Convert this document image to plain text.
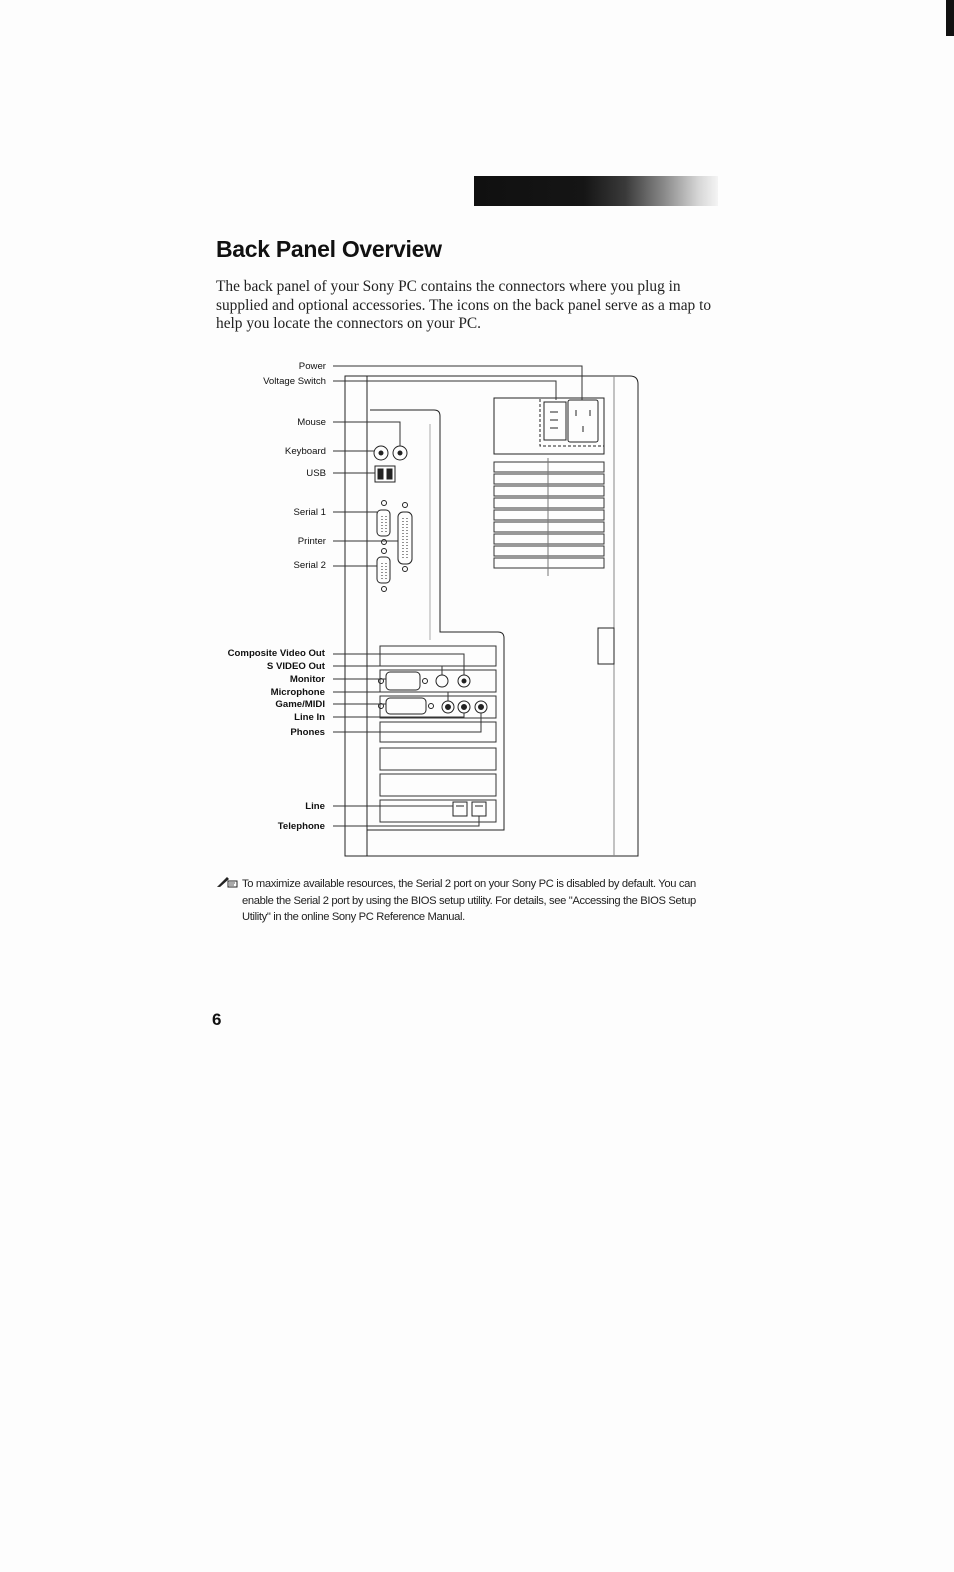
Back Panel Overview

The back panel of your Sony PC contains the connectors where you plug in supplied and optional accessories. The icons on the back panel serve as a map to help you locate the connectors on your PC.

Power
Voltage Switch
Mouse
Keyboard
USB
Serial 1
Printer
Serial 2
Composite Video Out
S VIDEO Out
Monitor
Microphone
Game/MIDI
Line In
Phones
Line
Telephone

To maximize available resources, the Serial 2 port on your Sony PC is disabled by default. You can enable the Serial 2 port by using the BIOS setup utility. For details, see "Accessing the BIOS Setup Utility" in the online Sony PC Reference Manual.

6
